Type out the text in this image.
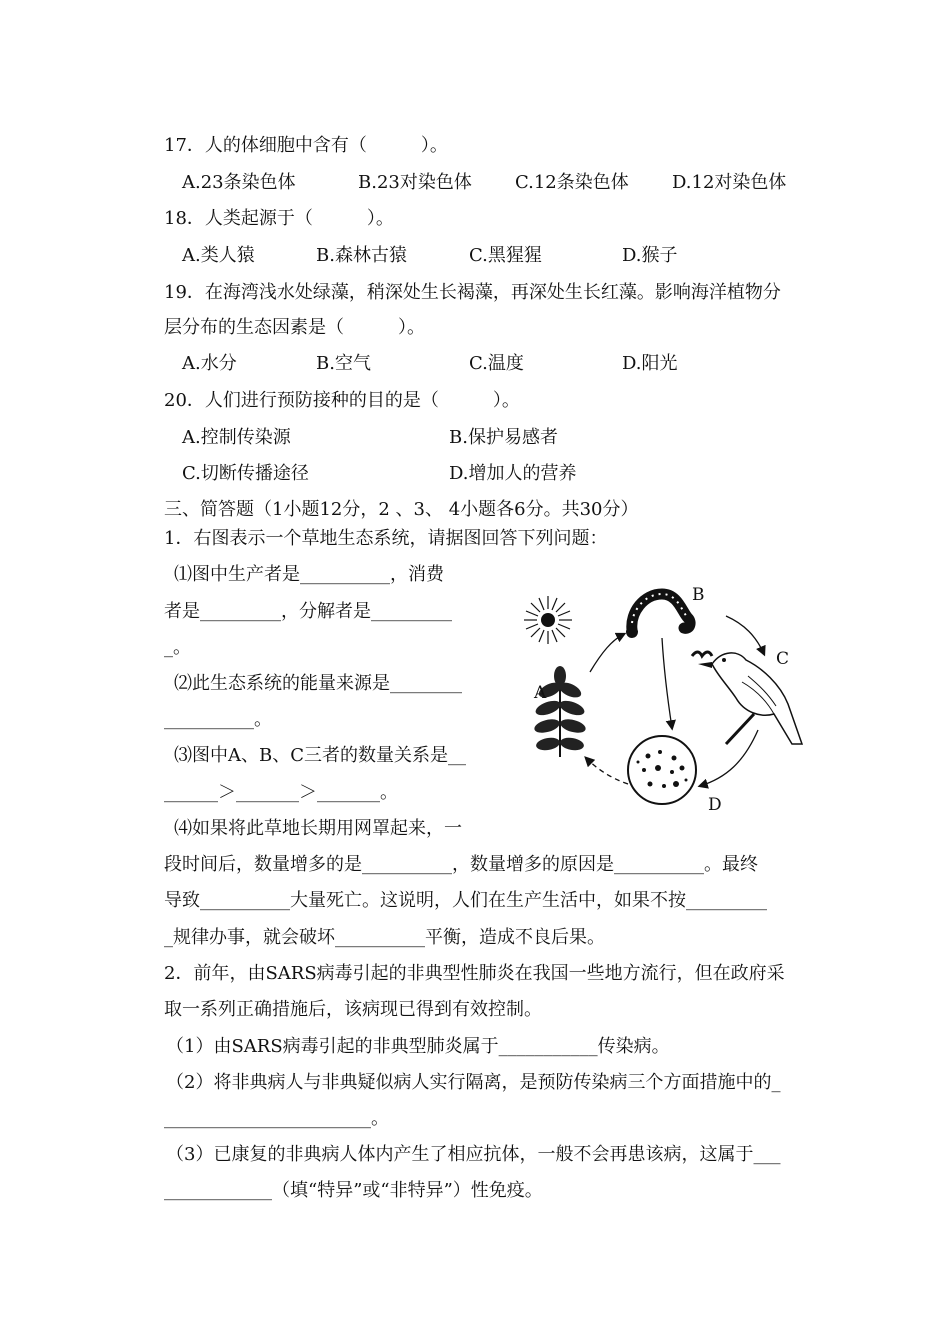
17．人的体细胞中含有（　　　）。
A.23条染色体	B.23对染色体 C.12条染色体 D.12对染色体
18．人类起源于（　　　）。
A.类人猿	B.森林古猿	C.黑猩猩	D.猴子
19．在海湾浅水处绿藻，稍深处生长褐藻，再深处生长红藻。影响海洋植物分
层分布的生态因素是（　　　）。
A.水分	B.空气	C.温度	D.阳光
20．人们进行预防接种的目的是（　　　）。
A.控制传染源	B.保护易感者
C.切断传播途径	D.增加人的营养
三、简答题（1小题12分，2 、3、 4小题各6分。共30分）
1．右图表示一个草地生态系统，请据图回答下列问题：
⑴图中生产者是__________，消费
者是_________，分解者是_________
_。
⑵此生态系统的能量来源是________
__________。
⑶图中A、B、C三者的数量关系是__
______＞_______＞_______。
⑷如果将此草地长期用网罩起来，一
段时间后，数量增多的是__________，数量增多的原因是__________。最终
导致__________大量死亡。这说明，人们在生产生活中，如果不按_________
_规律办事，就会破坏__________平衡，造成不良后果。
A
B
C
D
2．前年，由SARS病毒引起的非典型性肺炎在我国一些地方流行，但在政府采
取一系列正确措施后，该病现已得到有效控制。
（1）由SARS病毒引起的非典型肺炎属于___________传染病。
（2）将非典病人与非典疑似病人实行隔离，是预防传染病三个方面措施中的_
_______________________。
（3）已康复的非典病人体内产生了相应抗体，一般不会再患该病，这属于___
____________（填“特异”或“非特异”）性免疫。
